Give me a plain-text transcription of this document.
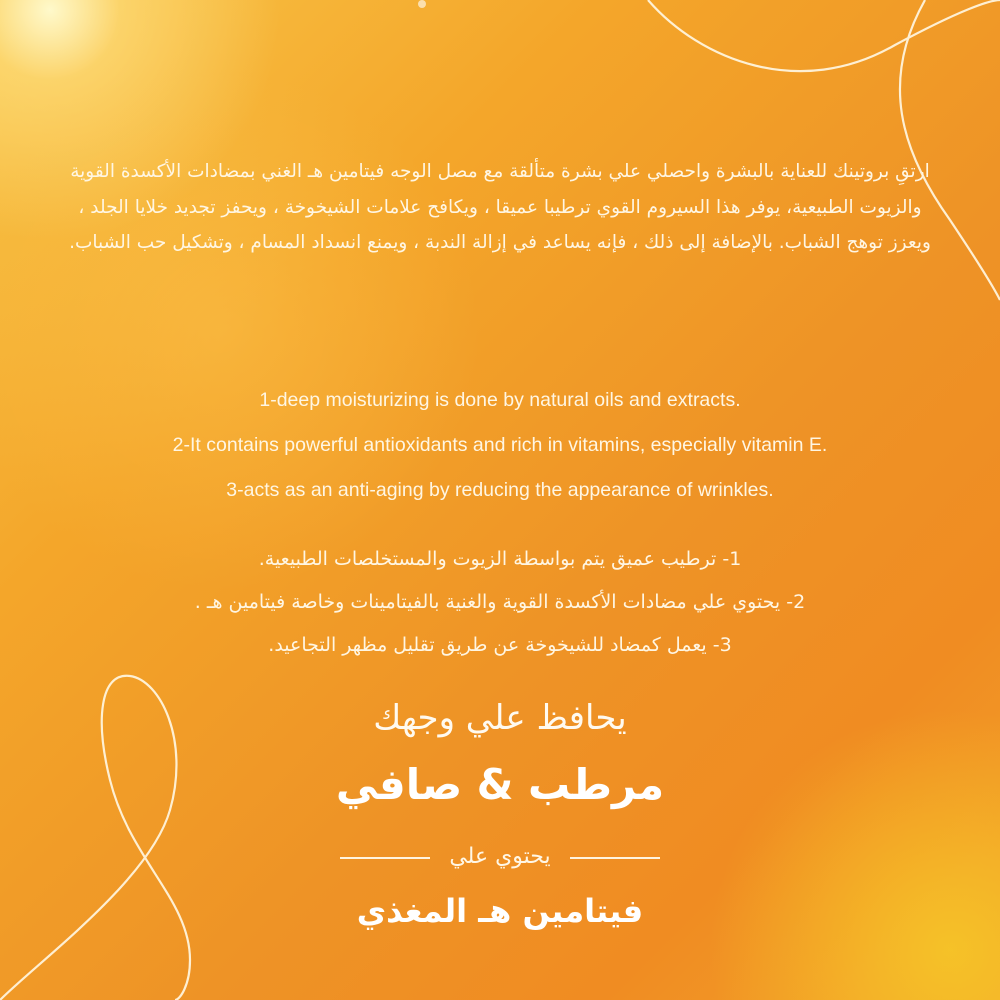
ارتقِ بروتينك للعناية بالبشرة واحصلي علي بشرة متألقة مع مصل الوجه فيتامين هـ الغني بمضادات الأكسدة القوية والزيوت الطبيعية، يوفر هذا السيروم القوي ترطيبا عميقا ، ويكافح علامات الشيخوخة ، ويحفز تجديد خلايا الجلد ، ويعزز توهج الشباب. بالإضافة إلى ذلك ، فإنه يساعد في إزالة الندبة ، ويمنع انسداد المسام ، وتشكيل حب الشباب.
1-deep moisturizing is done by natural oils and extracts.
2-It contains powerful antioxidants and rich in vitamins, especially vitamin E.
3-acts as an anti-aging by reducing the appearance of wrinkles.
1- ترطيب عميق يتم بواسطة الزيوت والمستخلصات الطبيعية.
2- يحتوي علي مضادات الأكسدة القوية والغنية بالفيتامينات وخاصة فيتامين هـ .
3- يعمل كمضاد للشيخوخة عن طريق تقليل مظهر التجاعيد.
يحافظ علي وجهك
مرطب & صافي
يحتوي علي
فيتامين هـ المغذي
